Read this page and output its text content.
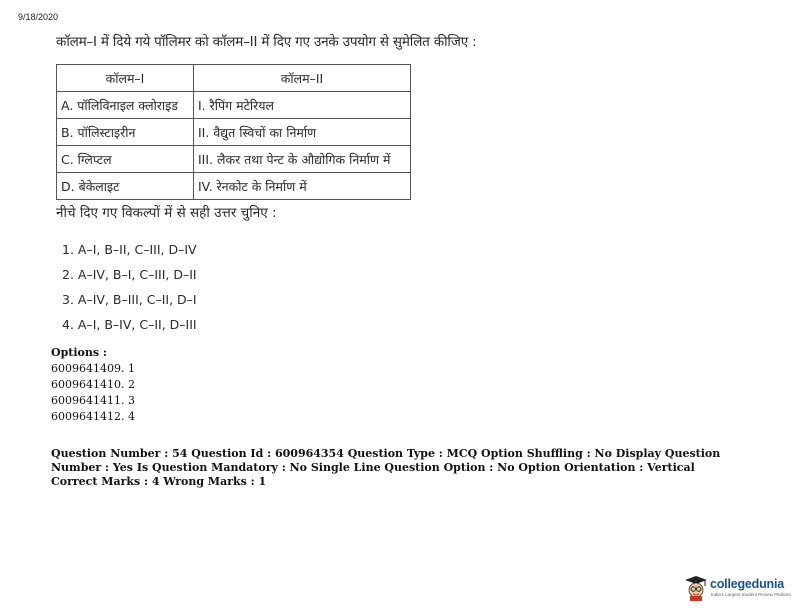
9/18/2020
कॉलम–I में दिये गये पॉलिमर को कॉलम–II में दिए गए उनके उपयोग से सुमेलित कीजिए :
कॉलम–I	कॉलम–II
A. पॉलिविनाइल क्लोराइड	I. रैपिंग मटेरियल
B. पॉलिस्टाइरीन	II. वैद्युत स्विचों का निर्माण
C. ग्लिप्टल	III. लैकर तथा पेन्ट के औद्योगिक निर्माण में
D. बेकेलाइट	IV. रेनकोट के निर्माण में
नीचे दिए गए विकल्पों में से सही उत्तर चुनिए :
1. A–I, B–II, C–III, D–IV
2. A–IV, B–I, C–III, D–II
3. A–IV, B–III, C–II, D–I
4. A–I, B–IV, C–II, D–III
Options :
6009641409. 1
6009641410. 2
6009641411. 3
6009641412. 4
Question Number : 54 Question Id : 600964354 Question Type : MCQ Option Shuffling : No Display Question Number : Yes Is Question Mandatory : No Single Line Question Option : No Option Orientation : Vertical
Correct Marks : 4 Wrong Marks : 1
collegedunia
India's Largest Student Review Platform
